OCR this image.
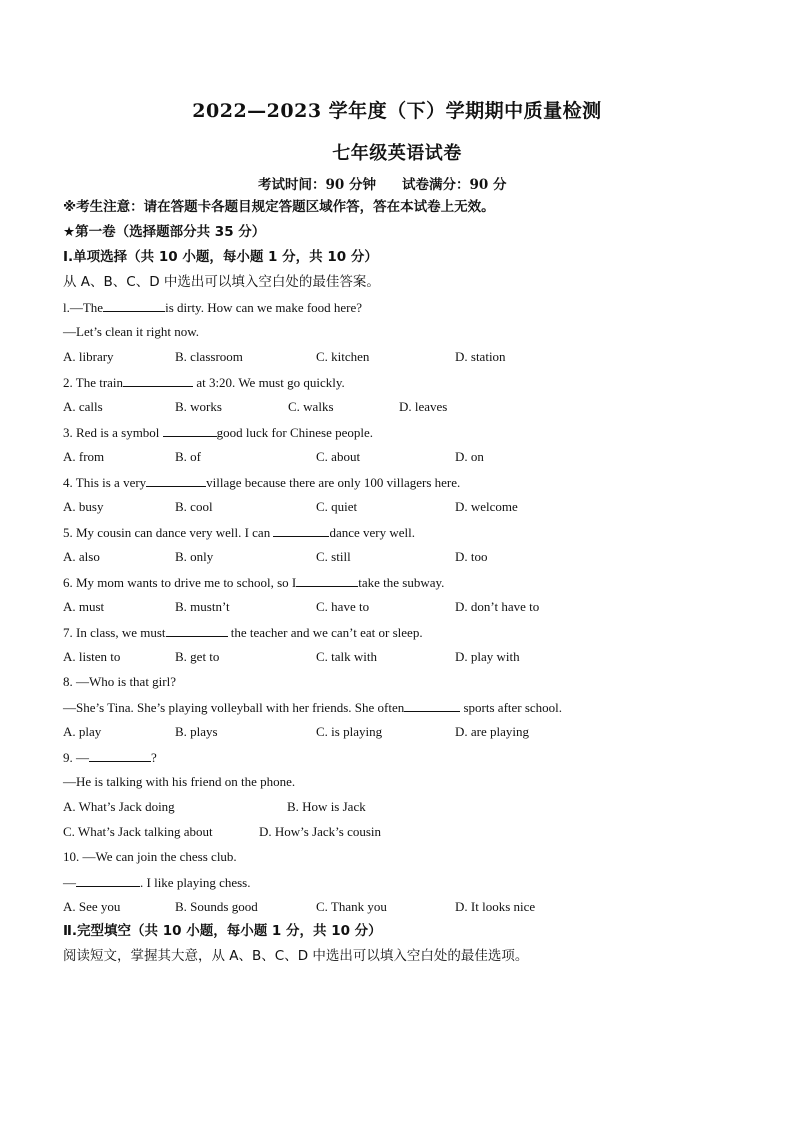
2022—2023 学年度（下）学期期中质量检测
七年级英语试卷
考试时间：90 分钟 试卷满分：90 分
※考生注意：请在答题卡各题目规定答题区域作答，答在本试卷上无效。
★第一卷（选择题部分共 35 分）
Ⅰ.单项选择（共 10 小题，每小题 1 分，共 10 分）
从 A、B、C、D 中选出可以填入空白处的最佳答案。
l.—The	is dirty. How can we make food here?
—Let’s clean it right now.
A. library	B. classroom	C. kitchen	D. station
2. The train	at 3:20. We must go quickly.
A. calls	B. works	C. walks	D. leaves
3. Red is a symbol	good luck for Chinese people.
A. from	B. of	C. about	D. on
4. This is a very	village because there are only 100 villagers here.
A. busy	B. cool	C. quiet	D. welcome
5. My cousin can dance very well. I can	dance very well.
A. also	B. only	C. still	D. too
6. My mom wants to drive me to school, so I	take the subway.
A. must	B. mustn’t	C. have to	D. don’t have to
7. In class, we must	the teacher and we can’t eat or sleep.
A. listen to	B. get to	C. talk with	D. play with
8. —Who is that girl?
—She’s Tina. She’s playing volleyball with her friends. She often	sports after school.
A. play	B. plays	C. is playing	D. are playing
9. —	?
—He is talking with his friend on the phone.
A. What’s Jack doing	B. How is Jack
C. What’s Jack talking about	D. How’s Jack’s cousin
10. —We can join the chess club.
—	. I like playing chess.
A. See you	B. Sounds good	C. Thank you	D. It looks nice
Ⅱ.完型填空（共 10 小题，每小题 1 分，共 10 分）
阅读短文，掌握其大意，从 A、B、C、D 中选出可以填入空白处的最佳选项。
